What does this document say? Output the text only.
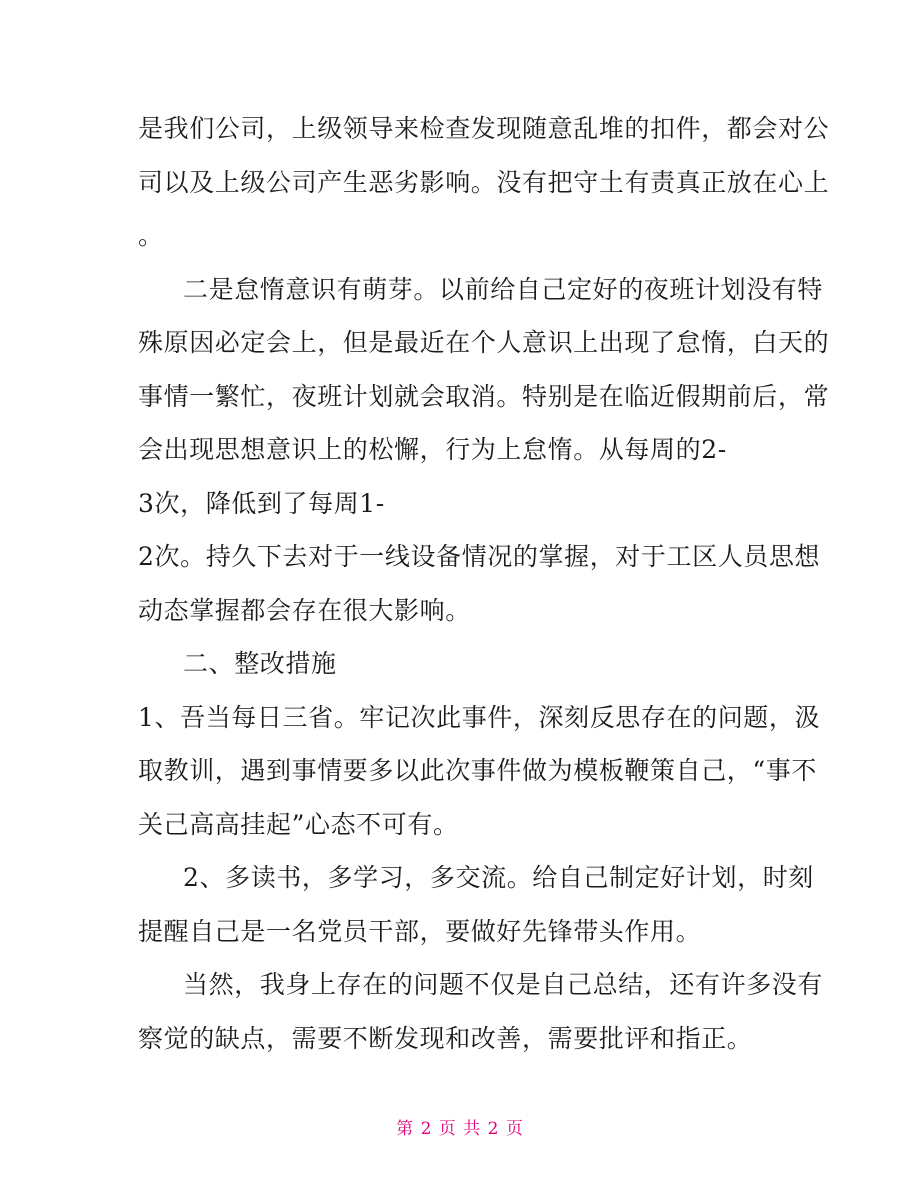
是我们公司，上级领导来检查发现随意乱堆的扣件，都会对公
司以及上级公司产生恶劣影响。没有把守土有责真正放在心上
。
二是怠惰意识有萌芽。以前给自己定好的夜班计划没有特
殊原因必定会上，但是最近在个人意识上出现了怠惰，白天的
事情一繁忙，夜班计划就会取消。特别是在临近假期前后，常
会出现思想意识上的松懈，行为上怠惰。从每周的2-
3次，降低到了每周1-
2次。持久下去对于一线设备情况的掌握，对于工区人员思想
动态掌握都会存在很大影响。
二、整改措施
1、吾当每日三省。牢记次此事件，深刻反思存在的问题，汲
取教训，遇到事情要多以此次事件做为模板鞭策自己，“事不
关己高高挂起”心态不可有。
2、多读书，多学习，多交流。给自己制定好计划，时刻
提醒自己是一名党员干部，要做好先锋带头作用。
当然，我身上存在的问题不仅是自己总结，还有许多没有
察觉的缺点，需要不断发现和改善，需要批评和指正。
第 2 页 共 2 页
